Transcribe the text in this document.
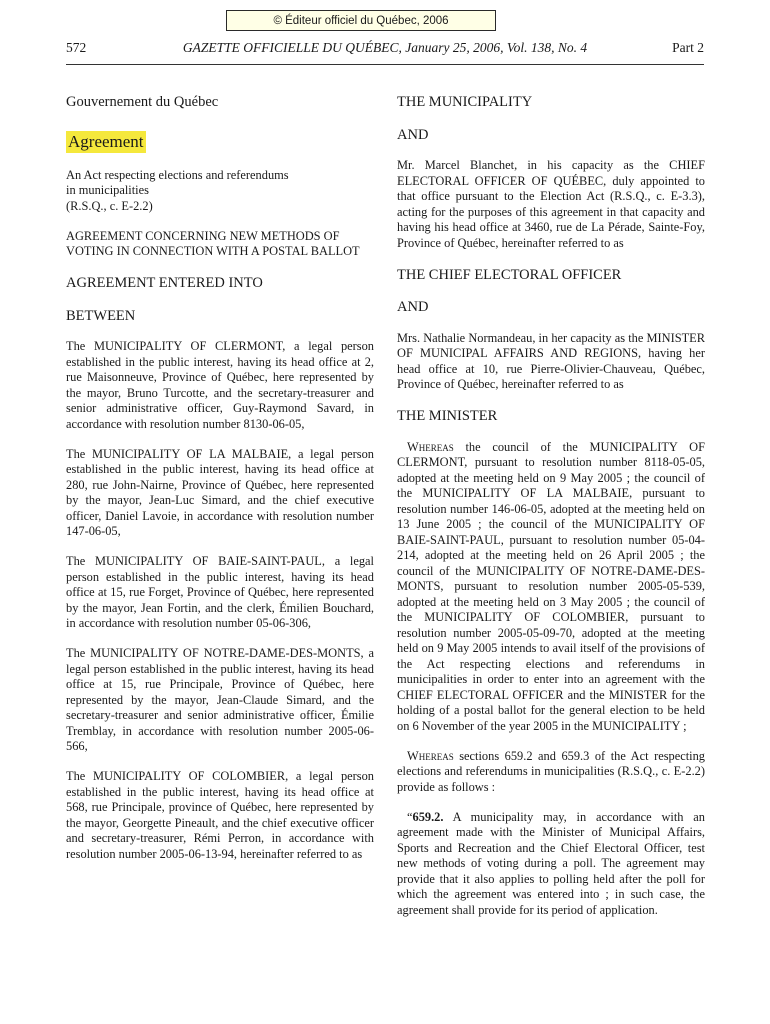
© Éditeur officiel du Québec, 2006
572	GAZETTE OFFICIELLE DU QUÉBEC, January 25, 2006, Vol. 138, No. 4	Part 2

Gouvernement du Québec

Agreement

An Act respecting elections and referendums
in municipalities
(R.S.Q., c. E-2.2)

AGREEMENT CONCERNING NEW METHODS OF VOTING IN CONNECTION WITH A POSTAL BALLOT

AGREEMENT ENTERED INTO

BETWEEN

The MUNICIPALITY OF CLERMONT, a legal person established in the public interest, having its head office at 2, rue Maisonneuve, Province of Québec, here represented by the mayor, Bruno Turcotte, and the secretary-treasurer and senior administrative officer, Guy-Raymond Savard, in accordance with resolution number 8130-06-05,

The MUNICIPALITY OF LA MALBAIE, a legal person established in the public interest, having its head office at 280, rue John-Nairne, Province of Québec, here represented by the mayor, Jean-Luc Simard, and the chief executive officer, Daniel Lavoie, in accordance with resolution number 147-06-05,

The MUNICIPALITY OF BAIE-SAINT-PAUL, a legal person established in the public interest, having its head office at 15, rue Forget, Province of Québec, here represented by the mayor, Jean Fortin, and the clerk, Émilien Bouchard, in accordance with resolution number 05-06-306,

The MUNICIPALITY OF NOTRE-DAME-DES-MONTS, a legal person established in the public interest, having its head office at 15, rue Principale, Province of Québec, here represented by the mayor, Jean-Claude Simard, and the secretary-treasurer and senior administrative officer, Émilie Tremblay, in accordance with resolution number 2005-06-566,

The MUNICIPALITY OF COLOMBIER, a legal person established in the public interest, having its head office at 568, rue Principale, province of Québec, here represented by the mayor, Georgette Pineault, and the chief executive officer and secretary-treasurer, Rémi Perron, in accordance with resolution number 2005-06-13-94, hereinafter referred to as

THE MUNICIPALITY

AND

Mr. Marcel Blanchet, in his capacity as the CHIEF ELECTORAL OFFICER OF QUÉBEC, duly appointed to that office pursuant to the Election Act (R.S.Q., c. E-3.3), acting for the purposes of this agreement in that capacity and having his head office at 3460, rue de La Pérade, Sainte-Foy, Province of Québec, hereinafter referred to as

THE CHIEF ELECTORAL OFFICER

AND

Mrs. Nathalie Normandeau, in her capacity as the MINISTER OF MUNICIPAL AFFAIRS AND REGIONS, having her head office at 10, rue Pierre-Olivier-Chauveau, Québec, Province of Québec, hereinafter referred to as

THE MINISTER

Whereas the council of the MUNICIPALITY OF CLERMONT, pursuant to resolution number 8118-05-05, adopted at the meeting held on 9 May 2005 ; the council of the MUNICIPALITY OF LA MALBAIE, pursuant to resolution number 146-06-05, adopted at the meeting held on 13 June 2005 ; the council of the MUNICIPALITY OF BAIE-SAINT-PAUL, pursuant to resolution number 05-04-214, adopted at the meeting held on 26 April 2005 ; the council of the MUNICIPALITY OF NOTRE-DAME-DES-MONTS, pursuant to resolution number 2005-05-539, adopted at the meeting held on 3 May 2005 ; the council of the MUNICIPALITY OF COLOMBIER, pursuant to resolution number 2005-05-09-70, adopted at the meeting held on 9 May 2005 intends to avail itself of the provisions of the Act respecting elections and referendums in municipalities in order to enter into an agreement with the CHIEF ELECTORAL OFFICER and the MINISTER for the holding of a postal ballot for the general election to be held on 6 November of the year 2005 in the MUNICIPALITY ;

Whereas sections 659.2 and 659.3 of the Act respecting elections and referendums in municipalities (R.S.Q., c. E-2.2) provide as follows :

“659.2. A municipality may, in accordance with an agreement made with the Minister of Municipal Affairs, Sports and Recreation and the Chief Electoral Officer, test new methods of voting during a poll. The agreement may provide that it also applies to polling held after the poll for which the agreement was entered into ; in such case, the agreement shall provide for its period of application.
